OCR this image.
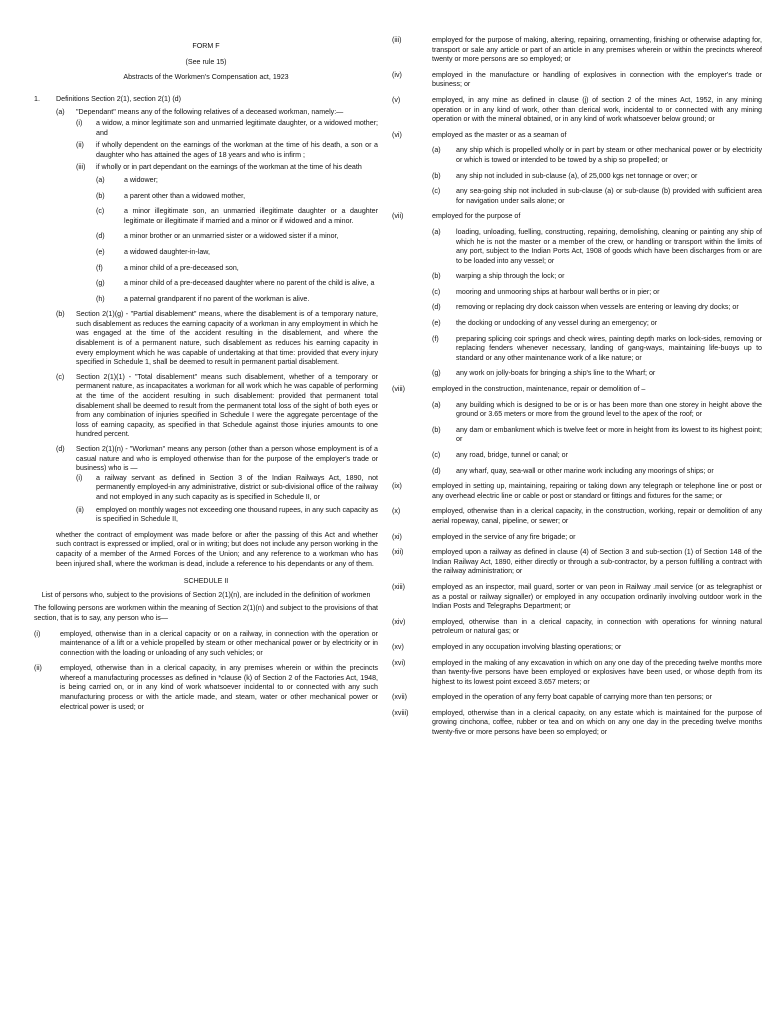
FORM F
(See rule 15)
Abstracts of the Workmen's Compensation act, 1923
1. Definitions Section 2(1), section 2(1) (d)
(a) "Dependant" means any of the following relatives of a deceased workman, namely:—
(i) a widow, a minor legitimate son and unmarried legitimate daughter, or a widowed mother; and
(ii) if wholly dependent on the earnings of the workman at the time of his death, a son or a daughter who has attained the ages of 18 years and who is infirm ;
(iii) if wholly or in part dependant on the earnings of the workman at the time of his death
(a)	a widower;
(b)	a parent other than a widowed mother,
(c)	a minor illegitimate son, an unmarried illegitimate daughter or a daughter legitimate or illegitimate if married and a minor or if widowed and a minor.
(d)	a minor brother or an unmarried sister or a widowed sister if a minor,
(e)	a widowed daughter-in-law,
(f)	a minor child of a pre-deceased son,
(g)	a minor child of a pre-deceased daughter where no parent of the child is alive, a
(h)	a paternal grandparent if no parent of the workman is alive.
(b) Section 2(1)(g) - "Partial disablement" means, where the disablement is of a temporary nature, such disablement as reduces the earning capacity of a workman in any employment in which he was engaged at the time of the accident resulting in the disablement, and where the disablement is of a permanent nature, such disablement as reduces his earning capacity in every employment which he was capable of undertaking at that time: provided that every injury specified in Schedule 1, shall be deemed to result in permanent partial disablement.
(c) Section 2(1)(1) - "Total disablement" means such disablement, whether of a temporary or permanent nature, as incapacitates a workman for all work which he was capable of performing at the time of the accident resulting in such disablement: provided that permanent total disablement shall be deemed to result from the permanent total loss of the sight of both eyes or from any combination of injuries specified in Schedule I were the aggregate percentage of the loss of earning capacity, as specified in that Schedule against those injuries amounts to one hundred percent.
(d) Section 2(1)(n) - "Workman" means any person (other than a person whose employment is of a casual nature and who is employed otherwise than for the purpose of the employer's trade or business) who is —
(i) a railway servant as defined in Section 3 of the Indian Railways Act, 1890, not permanently employed-in any administrative, district or sub-divisional office of the railway and not employed in any such capacity as is specified in Schedule II, or
(ii) employed on monthly wages not exceeding one thousand rupees, in any such capacity as is specified in Schedule II,
whether the contract of employment was made before or after the passing of this Act and whether such contract is expressed or implied, oral or in writing; but does not include any person working in the capacity of a member of the Armed Forces of the Union; and any reference to a workman who has been injured shall, where the workman is dead, include a reference to his dependants or any of them.
SCHEDULE II
List of persons who, subject to the provisions of Section 2(1)(n), are included in the definition of workmen
The following persons are workmen within the meaning of Section 2(1)(n) and subject to the provisions of that section, that is to say, any person who is—
(i)	employed, otherwise than in a clerical capacity or on a railway, in connection with the operation or maintenance of a lift or a vehicle propelled by steam or other mechanical power or by electricity or in connection with the loading or unloading of any such vehicles; or
(ii)	employed, otherwise than in a clerical capacity, in any premises wherein or within the precincts whereof a manufacturing processes as defined in *clause (k) of Section 2 of the Factories Act, 1948, is being carried on, or in any kind of work whatsoever incidental to or connected with any such manufacturing process or with the article made, and steam, water or other mechanical power or electrical power is used; or
(iii)	employed for the purpose of making, altering, repairing, ornamenting, finishing or otherwise adapting for, transport or sale any article or part of an article in any premises wherein or within the precincts whereof twenty or more persons are so employed; or
(iv)	employed in the manufacture or handling of explosives in connection with the employer's trade or business; or
(v)	employed, in any mine as defined in clause (j) of section 2 of the mines Act, 1952, in any mining operation or in any kind of work, other than clerical work, incidental to or connected with any mining operation or with the mineral obtained, or in any kind of work whatsoever below ground; or
(vi)	employed as the master or as a seaman of
(a) any ship which is propelled wholly or in part by steam or other mechanical power or by electricity or which is towed or intended to be towed by a ship so propelled; or
(b) any ship not included in sub-clause (a), of 25,000 kgs net tonnage or over; or
(c) any sea-going ship not included in sub-clause (a) or sub-clause (b) provided with sufficient area for navigation under sails alone; or
(vii)	employed for the purpose of
(a) loading, unloading, fuelling, constructing, repairing, demolishing, cleaning or painting any ship of which he is not the master or a member of the crew, or handling or transport within the limits of any port, subject to the Indian Ports Act, 1908 of goods which have been discharges from or are to be loaded into any vessel; or
(b) warping a ship through the lock; or
(c) mooring and unmooring ships at harbour wall berths or in pier; or
(d) removing or replacing dry dock caisson when vessels are entering or leaving dry docks; or
(e) the docking or undocking of any vessel during an emergency; or
(f) preparing splicing coir springs and check wires, painting depth marks on lock-sides, removing or replacing fenders whenever necessary, landing of gang-ways, maintaining life-buoys up to standard or any other maintenance work of a like nature; or
(g) any work on jolly-boats for bringing a ship's line to the Wharf; or
(viii)	employed in the construction, maintenance, repair or demolition of –
(a) any building which is designed to be or is or has been more than one storey in height above the ground or 3.65 meters or more from the ground level to the apex of the roof; or
(b) any dam or embankment which is twelve feet or more in height from its lowest to its highest point; or
(c) any road, bridge, tunnel or canal; or
(d) any wharf, quay, sea-wall or other marine work including any moorings of ships; or
(ix)	employed in setting up, maintaining, repairing or taking down any telegraph or telephone line or post or any overhead electric line or cable or post or standard or fittings and fixtures for the same; or
(x)	employed, otherwise than in a clerical capacity, in the construction, working, repair or demolition of any aerial ropeway, canal, pipeline, or sewer; or
(xi)	employed in the service of any fire brigade; or
(xii)	employed upon a railway as defined in clause (4) of Section 3 and sub-section (1) of Section 148 of the Indian Railway Act, 1890, either directly or through a sub-contractor, by a person fulfilling a contract with the railway administration; or
(xiii)	employed as an inspector, mail guard, sorter or van peon in Railway .mail service (or as telegraphist or as a postal or railway signaller) or employed in any occupation ordinarily involving outdoor work in the Indian Posts and Telegraphs Department; or
(xiv)	employed, otherwise than in a clerical capacity, in connection with operations for winning natural petroleum or natural gas; or
(xv)	employed in any occupation involving blasting operations; or
(xvi)	employed in the making of any excavation in which on any one day of the preceding twelve months more than twenty-five persons have been employed or explosives have been used, or whose depth from its highest to its lowest point exceed 3.657 meters; or
(xvii)	employed in the operation of any ferry boat capable of carrying more than ten persons; or
(xviii)	employed, otherwise than in a clerical capacity, on any estate which is maintained for the purpose of growing cinchona, coffee, rubber or tea and on which on any one day in the preceding twelve months twenty-five or more persons have been so employed; or
